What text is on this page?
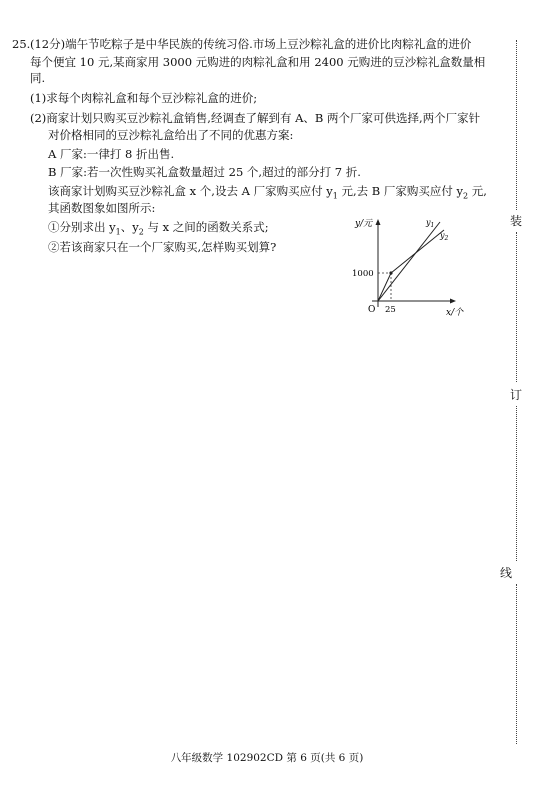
25. (12分)端午节吃粽子是中华民族的传统习俗.市场上豆沙粽礼盒的进价比肉粽礼盒的进价
每个便宜 10 元,某商家用 3000 元购进的肉粽礼盒和用 2400 元购进的豆沙粽礼盒数量相
同.
(1)求每个肉粽礼盒和每个豆沙粽礼盒的进价;
(2)商家计划只购买豆沙粽礼盒销售,经调查了解到有 A、B 两个厂家可供选择,两个厂家针
对价格相同的豆沙粽礼盒给出了不同的优惠方案:
A 厂家:一律打 8 折出售.
B 厂家:若一次性购买礼盒数量超过 25 个,超过的部分打 7 折.
该商家计划购买豆沙粽礼盒 x 个,设去 A 厂家购买应付 $y_1$ 元,去 B 厂家购买应付 $y_2$ 元,
其函数图象如图所示:
①分别求出 $y_1$、$y_2$ 与 x 之间的函数关系式;
②若该商家只在一个厂家购买,怎样购买划算?
y/元
x/个
O
1000
25
$y_1$
$y_2$
装
订
线
八年级数学 102902CD 第 6 页(共 6 页)
